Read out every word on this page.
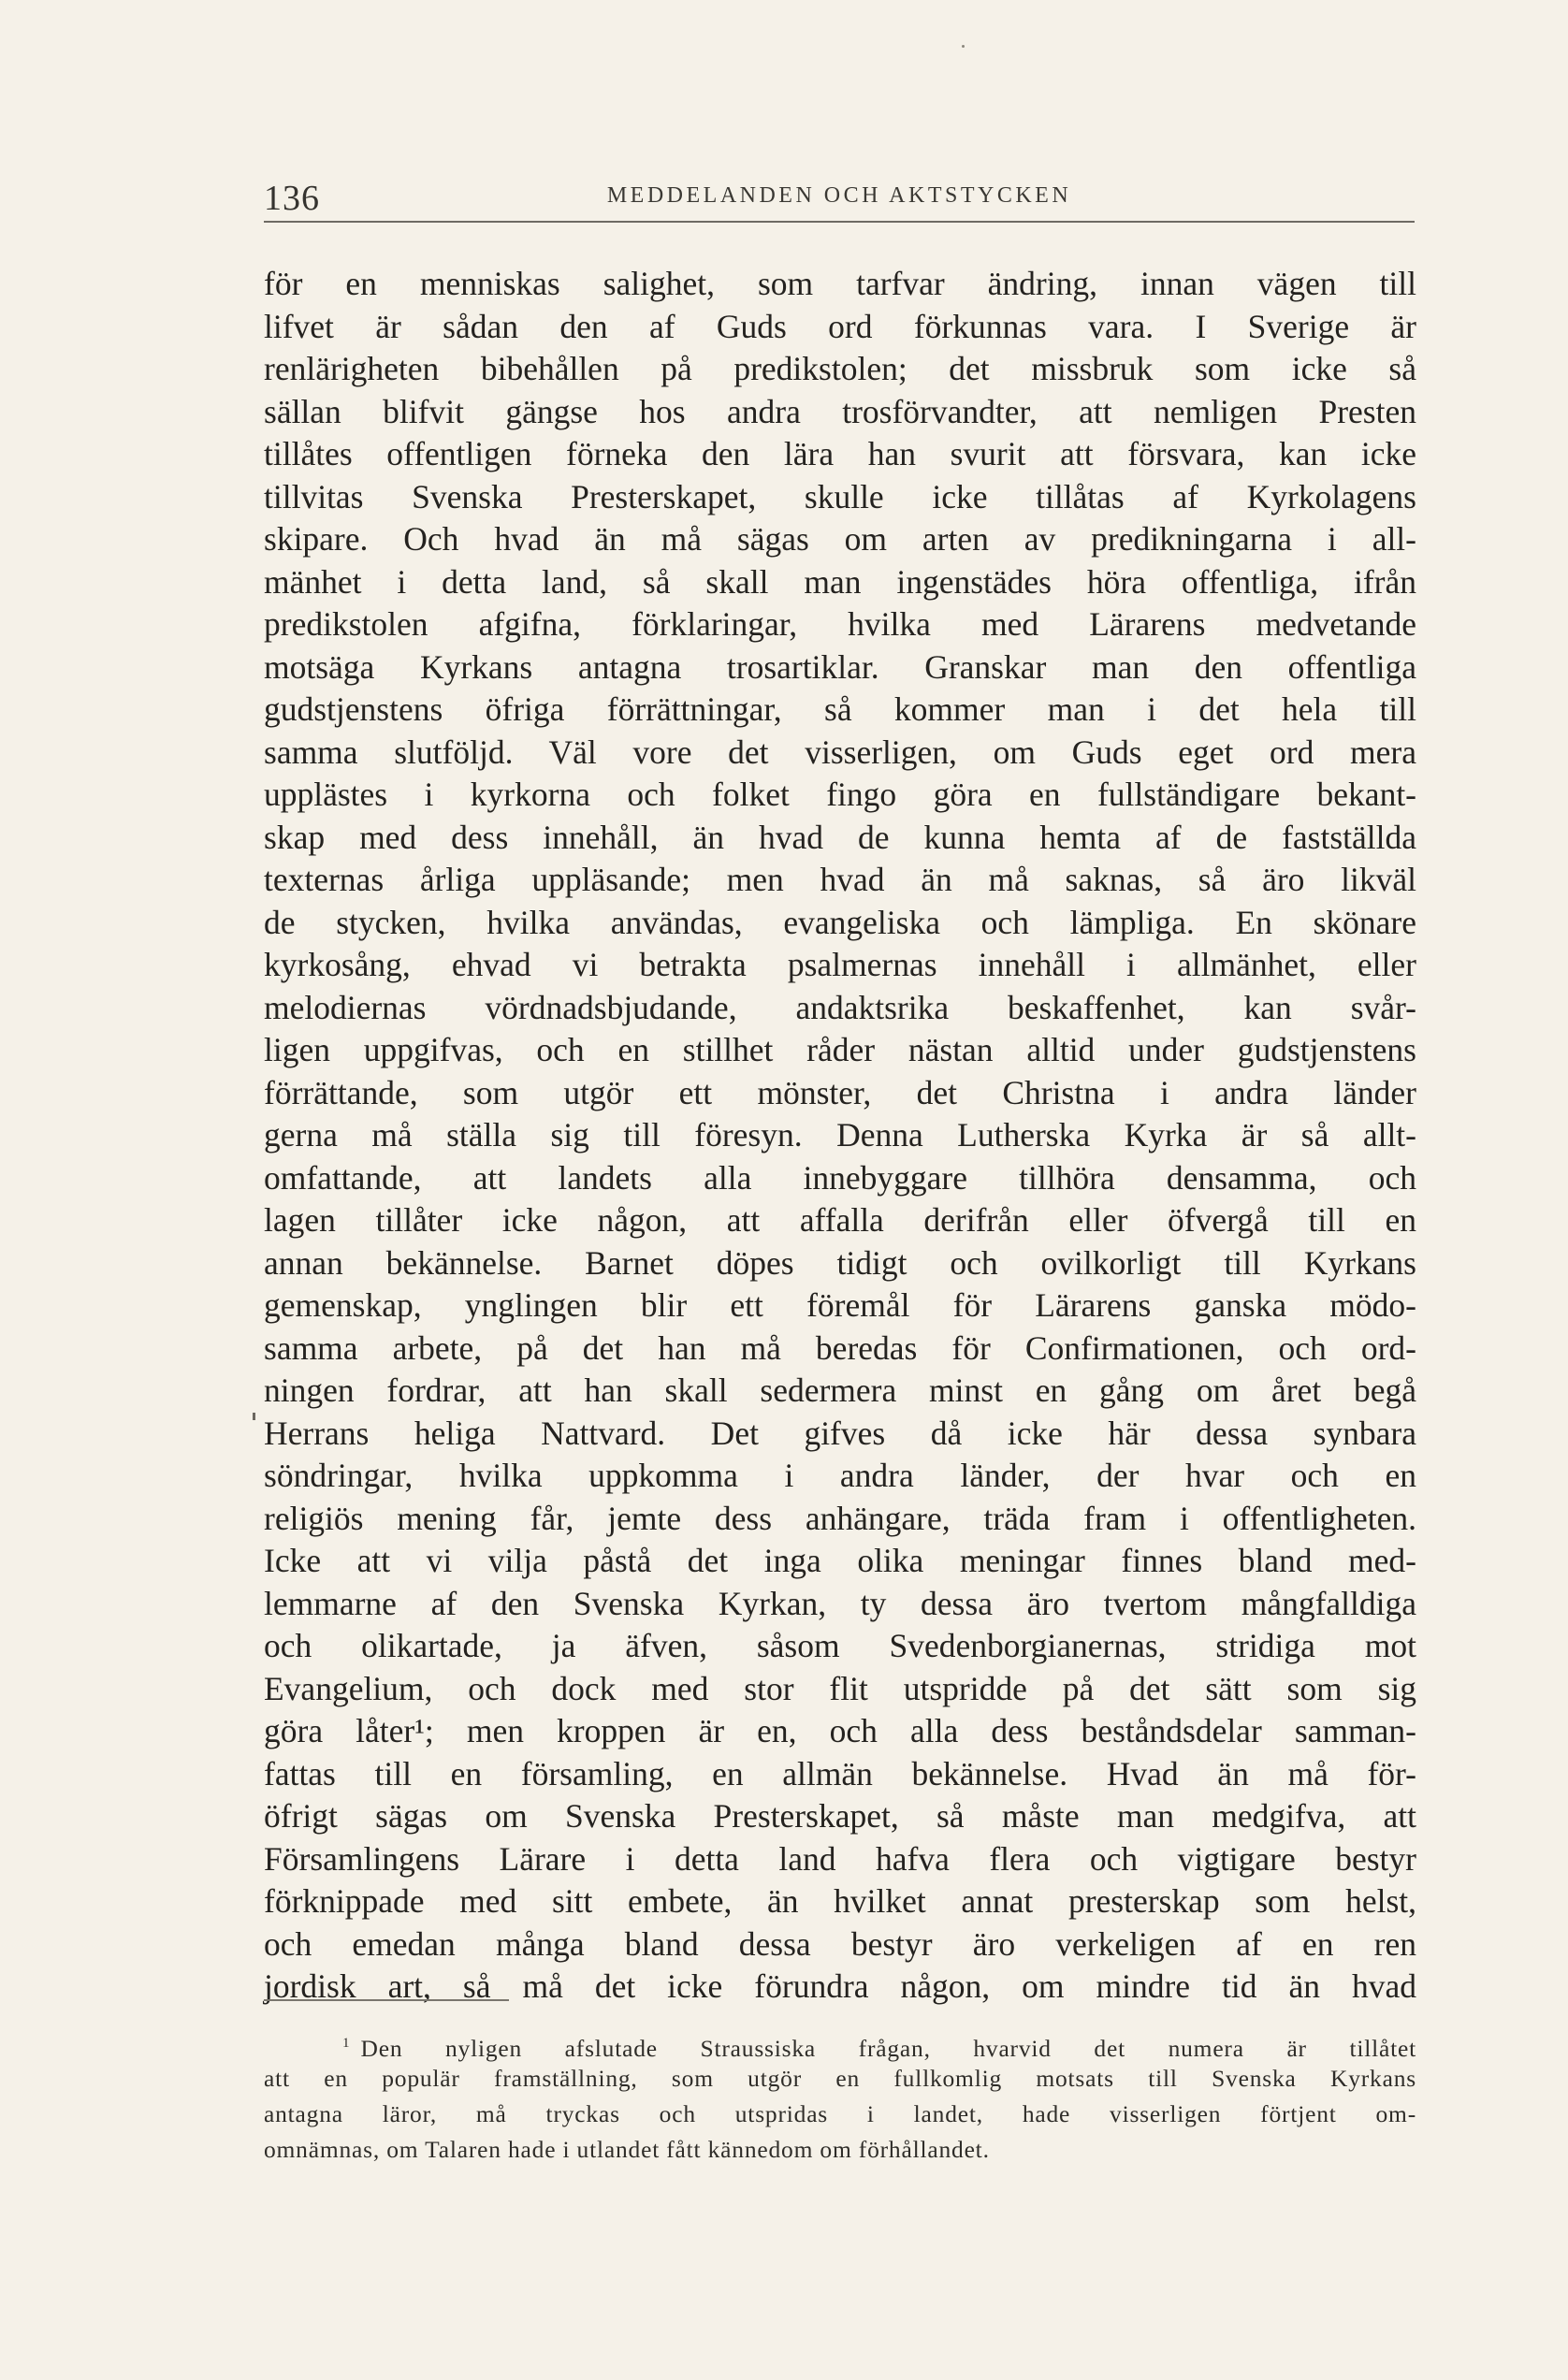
136	MEDDELANDEN OCH AKTSTYCKEN
för en menniskas salighet, som tarfvar ändring, innan vägen till
lifvet är sådan den af Guds ord förkunnas vara. I Sverige är
renlärigheten bibehållen på predikstolen; det missbruk som icke så
sällan blifvit gängse hos andra trosförvandter, att nemligen Presten
tillåtes offentligen förneka den lära han svurit att försvara, kan icke
tillvitas Svenska Presterskapet, skulle icke tillåtas af Kyrkolagens
skipare. Och hvad än må sägas om arten av predikningarna i all-
mänhet i detta land, så skall man ingenstädes höra offentliga, ifrån
predikstolen afgifna, förklaringar, hvilka med Lärarens medvetande
motsäga Kyrkans antagna trosartiklar. Granskar man den offentliga
gudstjenstens öfriga förrättningar, så kommer man i det hela till
samma slutföljd. Väl vore det visserligen, om Guds eget ord mera
upplästes i kyrkorna och folket fingo göra en fullständigare bekant-
skap med dess innehåll, än hvad de kunna hemta af de fastställda
texternas årliga uppläsande; men hvad än må saknas, så äro likväl
de stycken, hvilka användas, evangeliska och lämpliga. En skönare
kyrkosång, ehvad vi betrakta psalmernas innehåll i allmänhet, eller
melodiernas vördnadsbjudande, andaktsrika beskaffenhet, kan svår-
ligen uppgifvas, och en stillhet råder nästan alltid under gudstjenstens
förrättande, som utgör ett mönster, det Christna i andra länder
gerna må ställa sig till föresyn. Denna Lutherska Kyrka är så allt-
omfattande, att landets alla innebyggare tillhöra densamma, och
lagen tillåter icke någon, att affalla derifrån eller öfvergå till en
annan bekännelse. Barnet döpes tidigt och ovilkorligt till Kyrkans
gemenskap, ynglingen blir ett föremål för Lärarens ganska mödo-
samma arbete, på det han må beredas för Confirmationen, och ord-
ningen fordrar, att han skall sedermera minst en gång om året begå
Herrans heliga Nattvard. Det gifves då icke här dessa synbara
söndringar, hvilka uppkomma i andra länder, der hvar och en
religiös mening får, jemte dess anhängare, träda fram i offentligheten.
Icke att vi vilja påstå det inga olika meningar finnes bland med-
lemmarne af den Svenska Kyrkan, ty dessa äro tvertom mångfalldiga
och olikartade, ja äfven, såsom Svedenborgianernas, stridiga mot
Evangelium, och dock med stor flit utspridde på det sätt som sig
göra låter¹; men kroppen är en, och alla dess beståndsdelar samman-
fattas till en församling, en allmän bekännelse. Hvad än må för-
öfrigt sägas om Svenska Presterskapet, så måste man medgifva, att
Församlingens Lärare i detta land hafva flera och vigtigare bestyr
förknippade med sitt embete, än hvilket annat presterskap som helst,
och emedan många bland dessa bestyr äro verkeligen af en ren
jordisk art, så må det icke förundra någon, om mindre tid än hvad
1 Den nyligen afslutade Straussiska frågan, hvarvid det numera är tillåtet
att en populär framställning, som utgör en fullkomlig motsats till Svenska Kyrkans
antagna läror, må tryckas och utspridas i landet, hade visserligen förtjent om-
omnämnas, om Talaren hade i utlandet fått kännedom om förhållandet.
